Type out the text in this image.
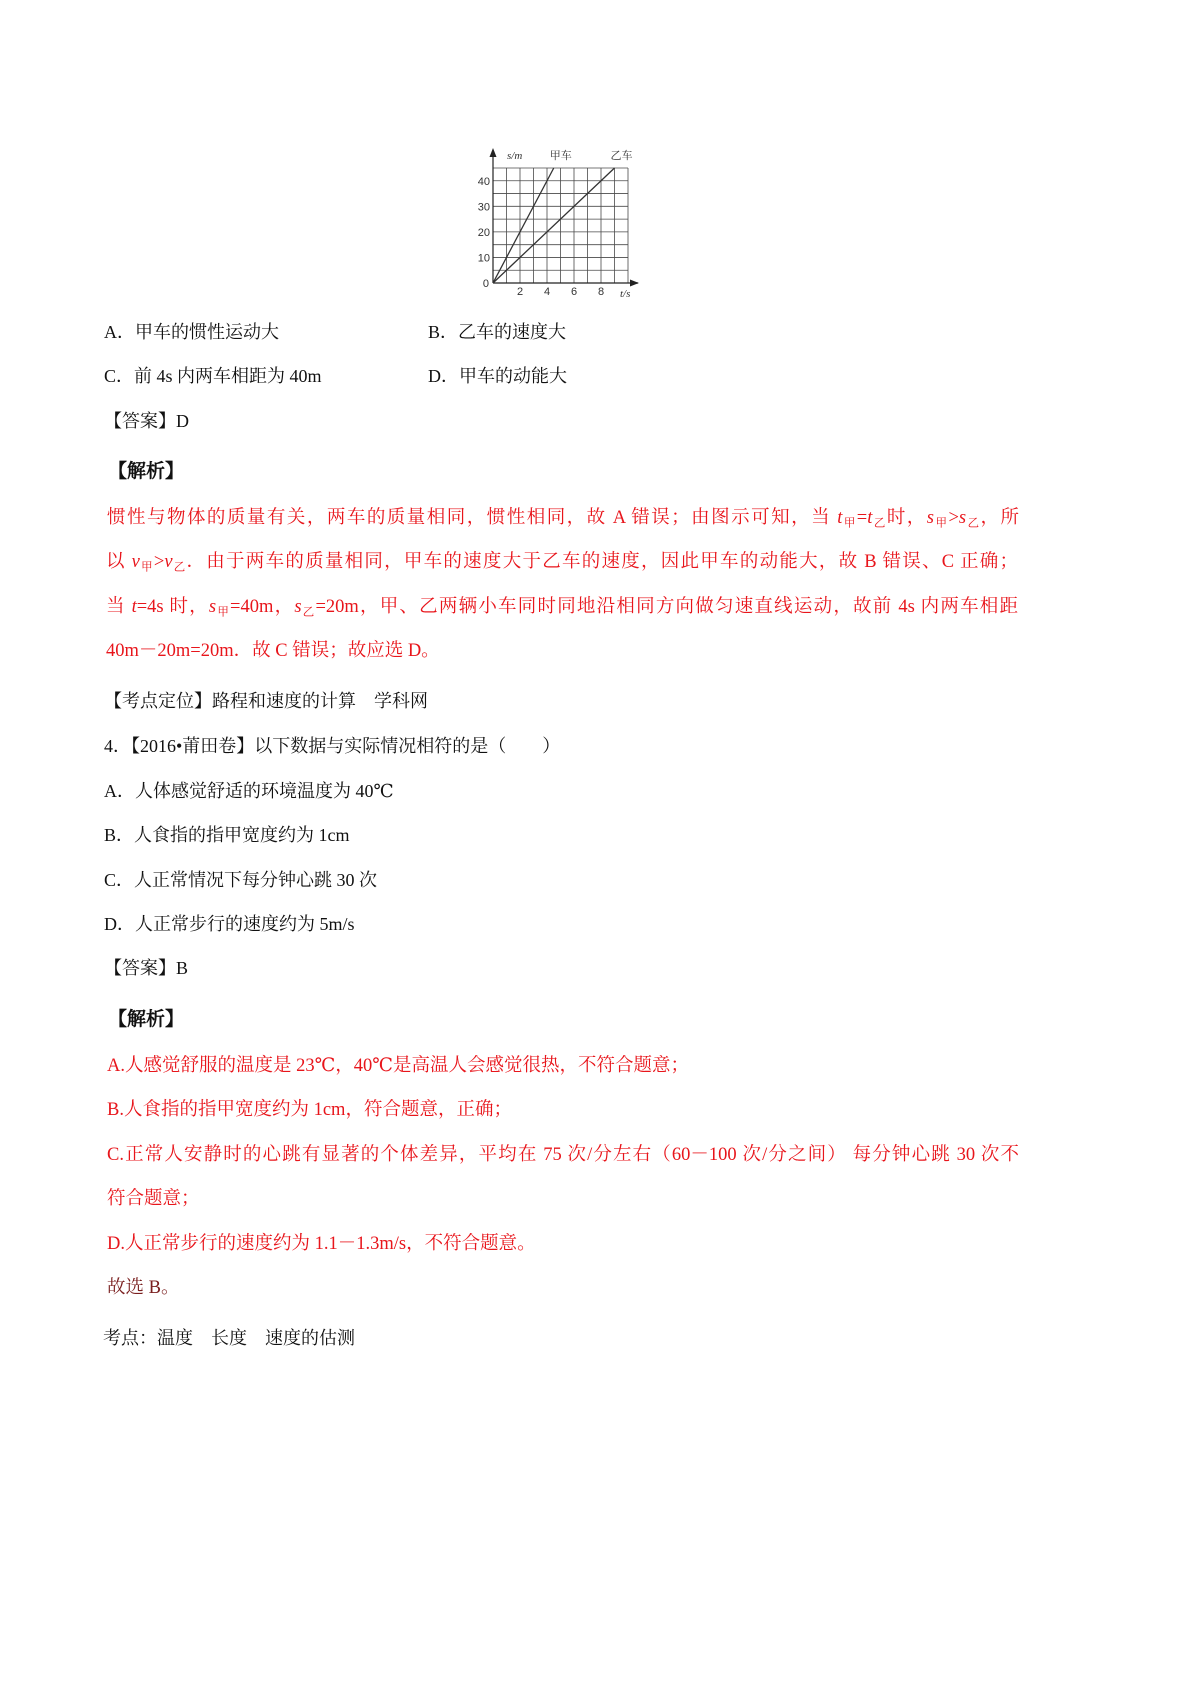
甲车	乙车
10
20
30
40
2 4 6 8
0
s/m
t/s
A．甲车的惯性运动大	B．乙车的速度大
C．前 4s 内两车相距为 40m	D．甲车的动能大
【答案】D
【解析】
惯性与物体的质量有关，两车的质量相同，惯性相同，故 A 错误；由图示可知，当 $t_甲=t_乙$时，$s_甲>s_乙$，所
以 $v_甲>v_乙$．由于两车的质量相同，甲车的速度大于乙车的速度，因此甲车的动能大，故 B 错误、C 正确；
当 t=4s 时，$s_甲=40m$，$s_乙=20m$，甲、乙两辆小车同时同地沿相同方向做匀速直线运动，故前 4s 内两车相距
40m－20m=20m．故 C 错误；故应选 D。
【考点定位】路程和速度的计算　学科网
4．【2016•莆田卷】以下数据与实际情况相符的是（　　）
A．人体感觉舒适的环境温度为 40℃
B．人食指的指甲宽度约为 1cm
C．人正常情况下每分钟心跳 30 次
D．人正常步行的速度约为 5m/s
【答案】B
【解析】
A.人感觉舒服的温度是 23℃，40℃是高温人会感觉很热，不符合题意；
B.人食指的指甲宽度约为 1cm，符合题意，正确；
C.正常人安静时的心跳有显著的个体差异，平均在 75 次/分左右（60－100 次/分之间） 每分钟心跳 30 次不
符合题意；
D.人正常步行的速度约为 1.1－1.3m/s，不符合题意。
故选 B。
考点：温度　长度　速度的估测
